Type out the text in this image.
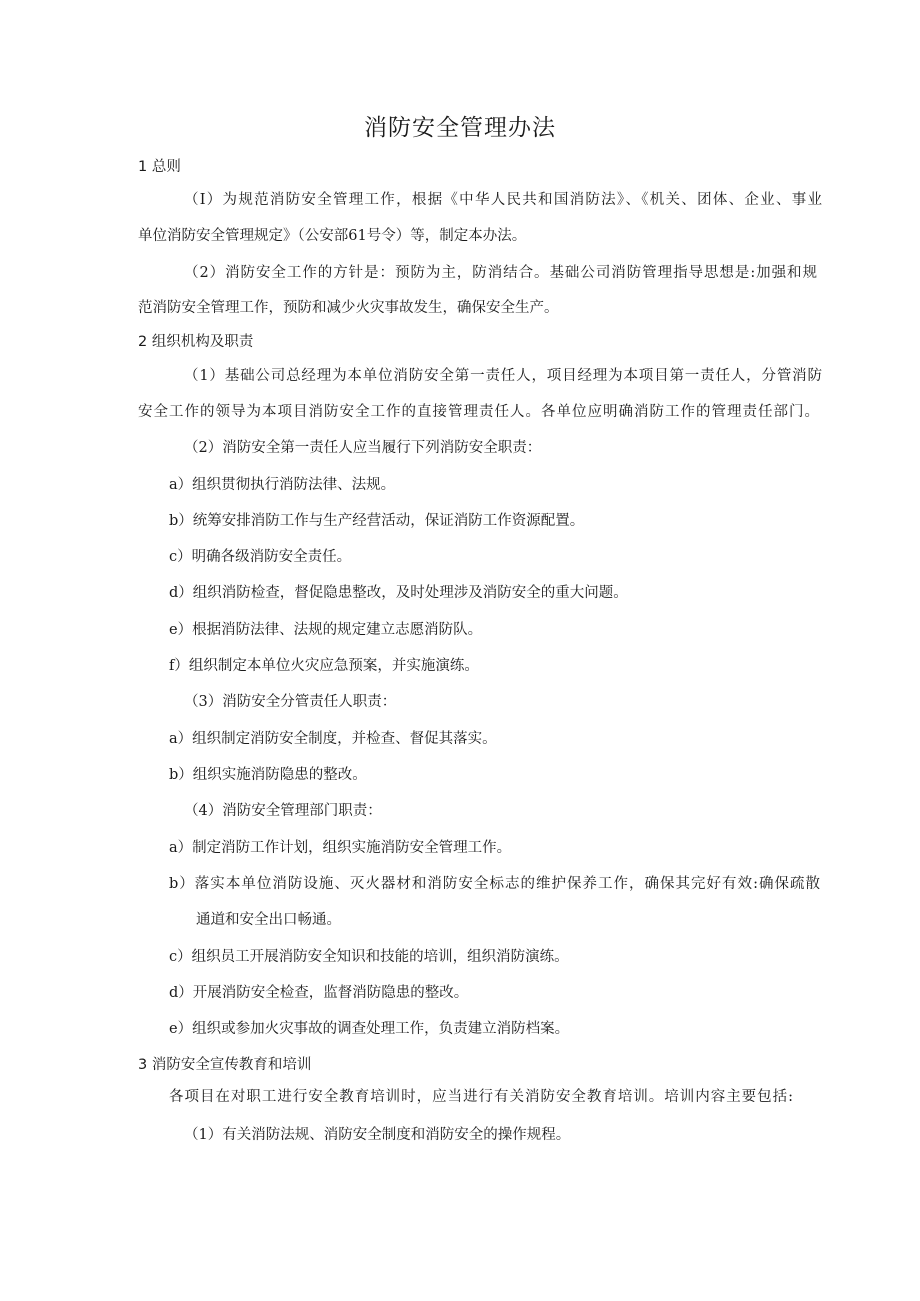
消防安全管理办法
1 总则
（I）为规范消防安全管理工作，根据《中华人民共和国消防法》、《机关、团体、企业、事业
单位消防安全管理规定》（公安部61号令）等，制定本办法。
（2）消防安全工作的方针是：预防为主，防消结合。基础公司消防管理指导思想是:加强和规
范消防安全管理工作，预防和减少火灾事故发生，确保安全生产。
2 组织机构及职责
（1）基础公司总经理为本单位消防安全第一责任人，项目经理为本项目第一责任人，分管消防
安全工作的领导为本项目消防安全工作的直接管理责任人。各单位应明确消防工作的管理责任部门。
（2）消防安全第一责任人应当履行下列消防安全职责：
a）组织贯彻执行消防法律、法规。
b）统筹安排消防工作与生产经营活动，保证消防工作资源配置。
c）明确各级消防安全责任。
d）组织消防检查，督促隐患整改，及时处理涉及消防安全的重大问题。
e）根据消防法律、法规的规定建立志愿消防队。
f）组织制定本单位火灾应急预案，并实施演练。
（3）消防安全分管责任人职责：
a）组织制定消防安全制度，并检查、督促其落实。
b）组织实施消防隐患的整改。
（4）消防安全管理部门职责：
a）制定消防工作计划，组织实施消防安全管理工作。
b）落实本单位消防设施、灭火器材和消防安全标志的维护保养工作，确保其完好有效:确保疏散
通道和安全出口畅通。
c）组织员工开展消防安全知识和技能的培训，组织消防演练。
d）开展消防安全检查，监督消防隐患的整改。
e）组织或参加火灾事故的调查处理工作，负责建立消防档案。
3 消防安全宣传教育和培训
各项目在对职工进行安全教育培训时，应当进行有关消防安全教育培训。培训内容主要包括:
（1）有关消防法规、消防安全制度和消防安全的操作规程。
